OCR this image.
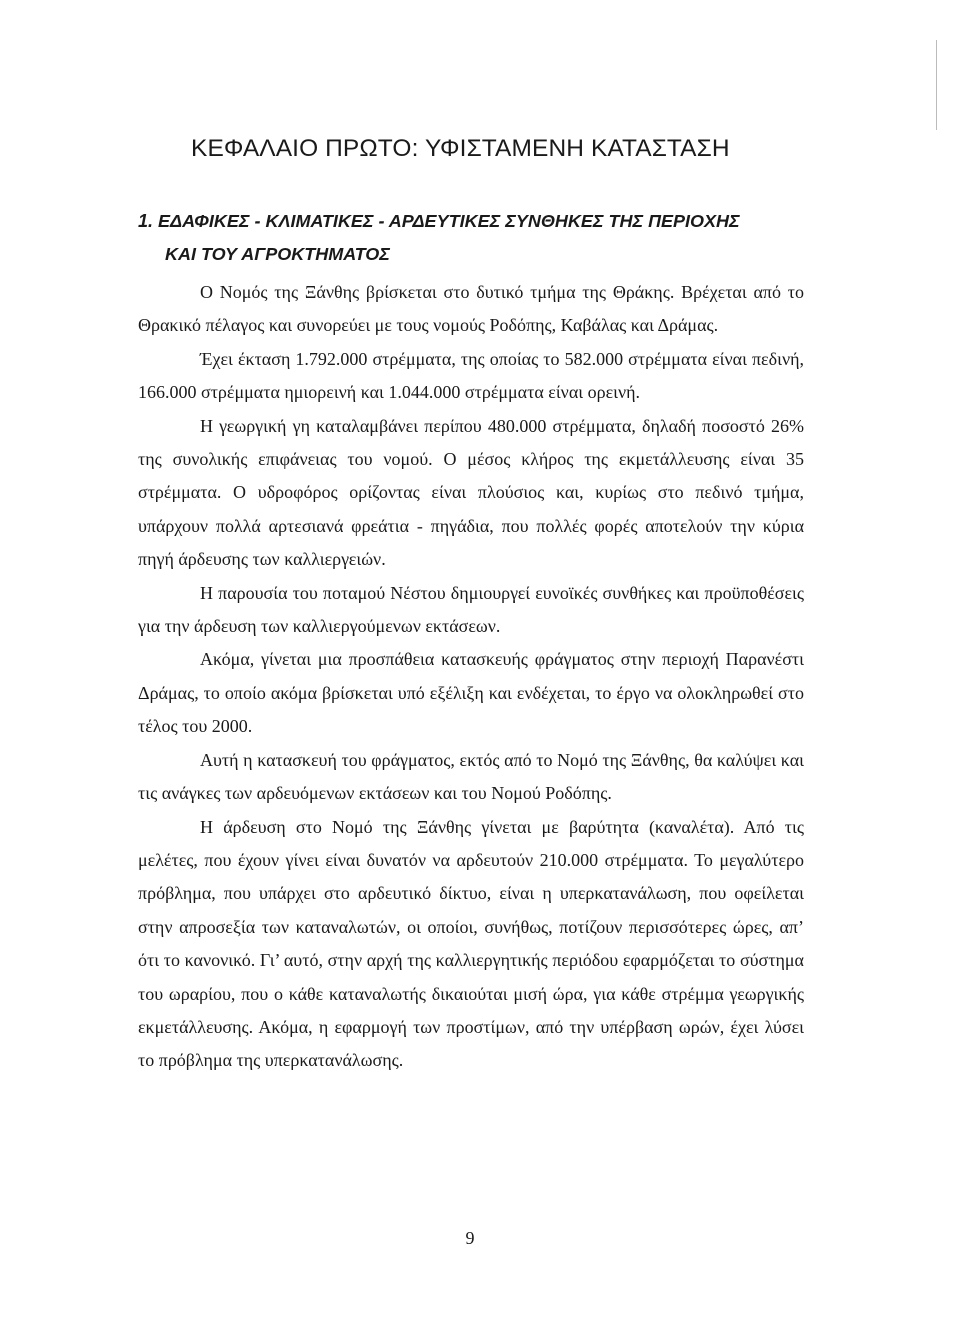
ΚΕΦΑΛΑΙΟ ΠΡΩΤΟ: ΥΦΙΣΤΑΜΕΝΗ ΚΑΤΑΣΤΑΣΗ
1. ΕΔΑΦΙΚΕΣ - ΚΛΙΜΑΤΙΚΕΣ - ΑΡΔΕΥΤΙΚΕΣ ΣΥΝΘΗΚΕΣ ΤΗΣ ΠΕΡΙΟΧΗΣ
ΚΑΙ ΤΟΥ ΑΓΡΟΚΤΗΜΑΤΟΣ

Ο Νομός της Ξάνθης βρίσκεται στο δυτικό τμήμα της Θράκης. Βρέχεται από το Θρακικό πέλαγος και συνορεύει με τους νομούς Ροδόπης, Καβάλας και Δράμας.

Έχει έκταση 1.792.000 στρέμματα, της οποίας το 582.000 στρέμματα είναι πεδινή, 166.000 στρέμματα ημιορεινή και 1.044.000 στρέμματα είναι ορεινή.

Η γεωργική γη καταλαμβάνει περίπου 480.000 στρέμματα, δηλαδή ποσοστό 26% της συνολικής επιφάνειας του νομού. Ο μέσος κλήρος της εκμετάλλευσης είναι 35 στρέμματα. Ο υδροφόρος ορίζοντας είναι πλούσιος και, κυρίως στο πεδινό τμήμα, υπάρχουν πολλά αρτεσιανά φρεάτια - πηγάδια, που πολλές φορές αποτελούν την κύρια πηγή άρδευσης των καλλιεργειών.

Η παρουσία του ποταμού Νέστου δημιουργεί ευνοϊκές συνθήκες και προϋποθέσεις για την άρδευση των καλλιεργούμενων εκτάσεων.

Ακόμα, γίνεται μια προσπάθεια κατασκευής φράγματος στην περιοχή Παρανέστι Δράμας, το οποίο ακόμα βρίσκεται υπό εξέλιξη και ενδέχεται, το έργο να ολοκληρωθεί στο τέλος του 2000.

Αυτή η κατασκευή του φράγματος, εκτός από το Νομό της Ξάνθης, θα καλύψει και τις ανάγκες των αρδευόμενων εκτάσεων και του Νομού Ροδόπης.

Η άρδευση στο Νομό της Ξάνθης γίνεται με βαρύτητα (καναλέτα). Από τις μελέτες, που έχουν γίνει είναι δυνατόν να αρδευτούν 210.000 στρέμματα. Το μεγαλύτερο πρόβλημα, που υπάρχει στο αρδευτικό δίκτυο, είναι η υπερκατανάλωση, που οφείλεται στην απροσεξία των καταναλωτών, οι οποίοι, συνήθως, ποτίζουν περισσότερες ώρες, απ’ ότι το κανονικό. Γι’ αυτό, στην αρχή της καλλιεργητικής περιόδου εφαρμόζεται το σύστημα του ωραρίου, που ο κάθε καταναλωτής δικαιούται μισή ώρα, για κάθε στρέμμα γεωργικής εκμετάλλευσης. Ακόμα, η εφαρμογή των προστίμων, από την υπέρβαση ωρών, έχει λύσει το πρόβλημα της υπερκατανάλωσης.

9
